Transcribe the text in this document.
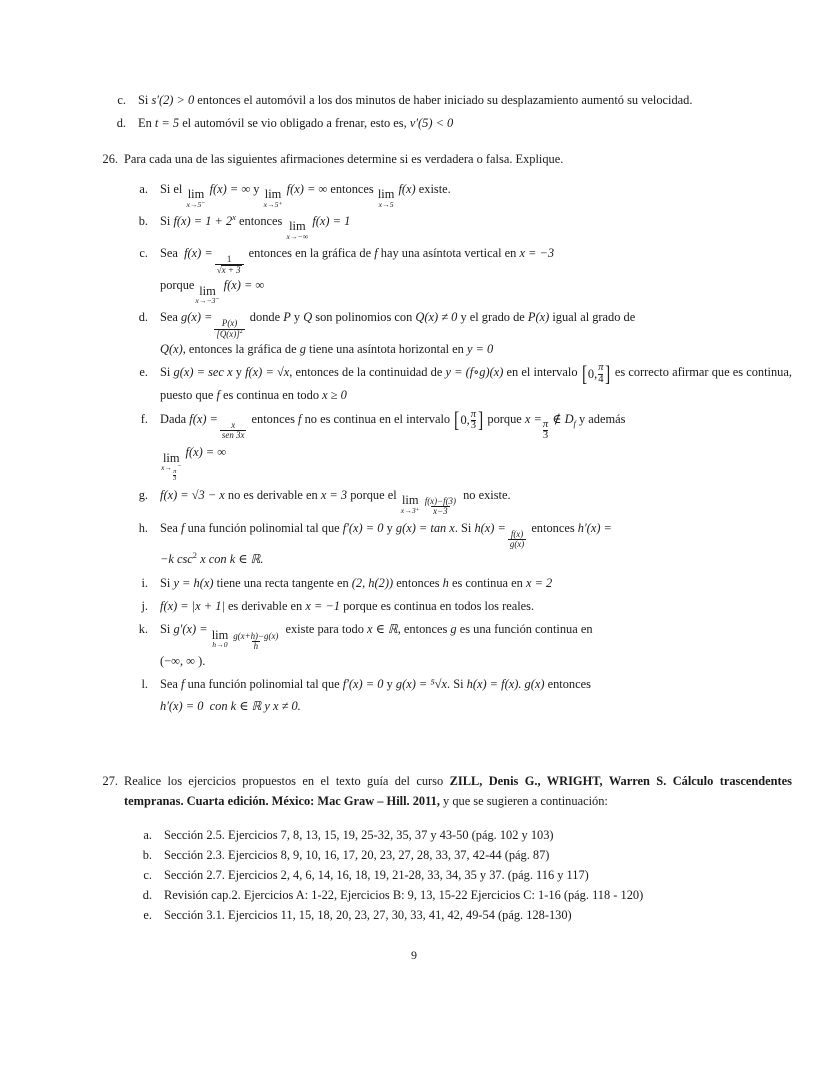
c. Si s′(2) > 0 entonces el automóvil a los dos minutos de haber iniciado su desplazamiento aumentó su velocidad.
d. En t = 5 el automóvil se vio obligado a frenar, esto es, v′(5) < 0
26. Para cada una de las siguientes afirmaciones determine si es verdadera o falsa. Explique.
a. Si el lim
x→5⁻
f(x) = ∞ y lim
x→5⁺
f(x) = ∞ entonces lim
x→5
f(x) existe.
b. Si $f(x) = 1 + 2^x$ entonces lim
x→−∞
f(x) = 1
c. Sea f(x) =
$\frac{1}{√x + 3}$
entonces en la gráfica de f hay una asíntota vertical en x = −3
porque lim
x→−3⁻
f(x) = ∞
d. Sea g(x) =
$\frac{P(x)}{[Q(x)]^2}$
donde P y Q son polinomios con Q(x) ≠ 0 y el grado de P(x) igual al grado de
Q(x), entonces la gráfica de g tiene una asíntota horizontal en y = 0
e. Si g(x) = sec x y f(x) = √x, entonces de la continuidad de y = (f∘g)(x) en el intervalo [ 0, $\frac{\pi}{4}$ ] es correcto afirmar que es continua, puesto que f es continua en todo x ≥ 0
f. Dada f(x) =
$\frac{x}{\text{sen 3x}}$
entonces f no es continua en el intervalo [ 0, $\frac{\pi}{3}$ ] porque x =
$\frac{\pi}{3}$
∉ $D_f$ y además

lim
x→
$\frac{\pi}{3}$
⁻
f(x) = ∞
g. f(x) = √3 − x no es derivable en x = 3 porque el lim
$x\to 3^+ \frac{f(x)-f(3)}{x-3}$
no existe.
h. Sea f una función polinomial tal que f′(x) = 0 y g(x) = tan x. Si h(x) =
$\frac{f(x)}{g(x)}$
entonces h′(x) =
−k $\csc^2 x$ con k ∈ ℝ.
i. Si y = h(x) tiene una recta tangente en (2, h(2)) entonces h es continua en x = 2
j. f(x) = |x + 1| es derivable en x = −1 porque es continua en todos los reales.
k. Si g′(x) = lim
$h\to 0 \frac{g(x+h)-g(x)}{h}$
existe para todo x ∈ ℝ, entonces g es una función continua en
(−∞, ∞ ).
l. Sea f una función polinomial tal que f′(x) = 0 y g(x) = ⁵√x. Si h(x) = f(x). g(x) entonces
h′(x) = 0 con k ∈ ℝ y x ≠ 0.
27. Realice los ejercicios propuestos en el texto guía del curso ZILL, Denis G., WRIGHT, Warren S. Cálculo trascendentes tempranas. Cuarta edición. México: Mac Graw – Hill. 2011, y que se sugieren a continuación:
a. Sección 2.5. Ejercicios 7, 8, 13, 15, 19, 25-32, 35, 37 y 43-50 (pág. 102 y 103)
b. Sección 2.3. Ejercicios 8, 9, 10, 16, 17, 20, 23, 27, 28, 33, 37, 42-44 (pág. 87)
c. Sección 2.7. Ejercicios 2, 4, 6, 14, 16, 18, 19, 21-28, 33, 34, 35 y 37. (pág. 116 y 117)
d. Revisión cap.2. Ejercicios A: 1-22, Ejercicios B: 9, 13, 15-22 Ejercicios C: 1-16 (pág. 118 - 120)
e. Sección 3.1. Ejercicios 11, 15, 18, 20, 23, 27, 30, 33, 41, 42, 49-54 (pág. 128-130)
9
